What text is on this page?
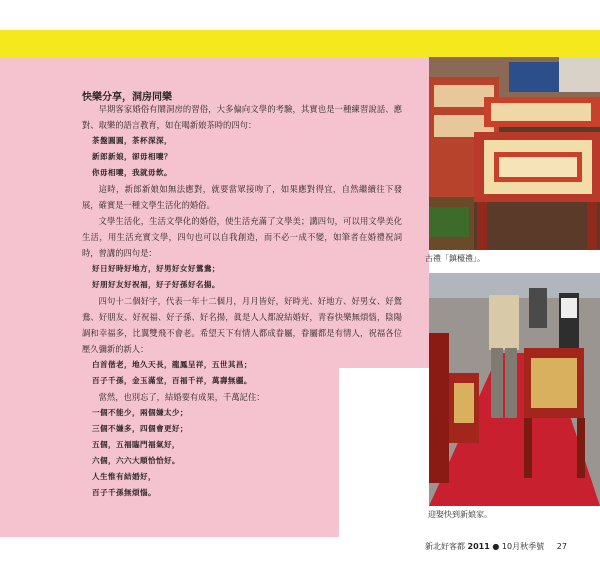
古禮「鎮檯禮」。
迎娶快到新娘家。
快樂分享，洞房同樂

早期客家婚俗有鬧洞房的習俗，大多偏向文學的考驗，其實也是一種練習說話、應對、取樂的語言教育，如在喝新娘茶時的四句：

茶盤圓圓，茶杯深深，
新郎新娘，卻毋相嘍？
你毋相嘍，我就毋飲。

這時，新郎新娘如無法應對，就要當眾接吻了，如果應對得宜，自然繼續往下發展，確實是一種文學生活化的婚俗。

文學生活化，生活文學化的婚俗，使生活充滿了文學美；講四句，可以用文學美化生活，用生活充實文學，四句也可以自我創造，而不必一成不變，如筆者在婚禮祝詞時，曾講的四句是：

好日好時好地方，好男好女好鴛鴦；
好朋好友好祝福，好子好孫好名揚。

四句十二個好字，代表一年十二個月，月月皆好，好時光、好地方、好男女、好鴛鴦、好朋友、好祝福、好子孫、好名揚，眞是人人都說結婚好，青春快樂無煩惱，陰陽調和幸福多，比翼雙飛不會老。希望天下有情人都成眷屬，眷屬都是有情人，祝福各位壓久彌新的新人：

白首偕老，地久天長，龍鳳呈祥，五世其昌；
百子千孫，金玉滿堂，百福千祥，萬壽無疆。

當然，也別忘了，結婚要有成果，千萬記住：

一個不能少，兩個嫌太少；
三個不嫌多，四個會更好；
五個，五福臨門福氣好，
六個，六六大順恰恰好。
人生惟有結婚好，
百子千孫無煩惱。
新北好客都 2011 ● 10月秋季號 27
